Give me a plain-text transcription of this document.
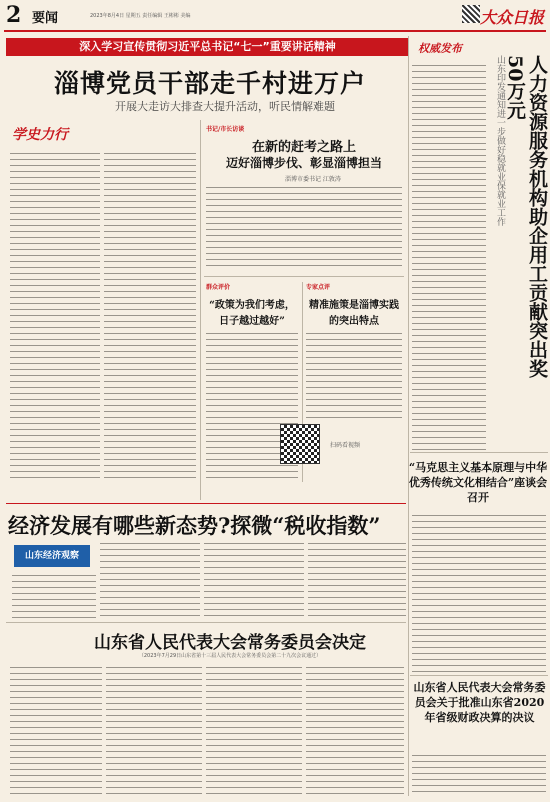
2 要闻	2023年8月4日 星期五 责任编辑 王彬彬 美编	大众日报
深入学习宣传贯彻习近平总书记“七一”重要讲话精神
淄博党员干部走千村进万户
开展大走访大排查大提升活动，听民情解难题
学史力行	书记/市长访谈
在新的赶考之路上
迈好淄博步伐、彰显淄博担当
淄博市委书记 江敦涛
群众评价
“政策为我们考虑，
日子越过越好”
专家点评
精准施策是淄博实践
的突出特点
扫码看视频
经济发展有哪些新态势?探微“税收指数”
山东经济观察
山东省人民代表大会常务委员会决定
（2023年7月29日山东省第十三届人民代表大会常务委员会第二十九次会议通过）
权威发布
人力资源服务机构助企用工贡献突出奖50万元
山东印发通知进一步做好稳就业保就业工作
“马克思主义基本原理与中华优秀传统文化相结合”座谈会召开
山东省人民代表大会常务委员会关于批准山东省2020年省级财政决算的决议
